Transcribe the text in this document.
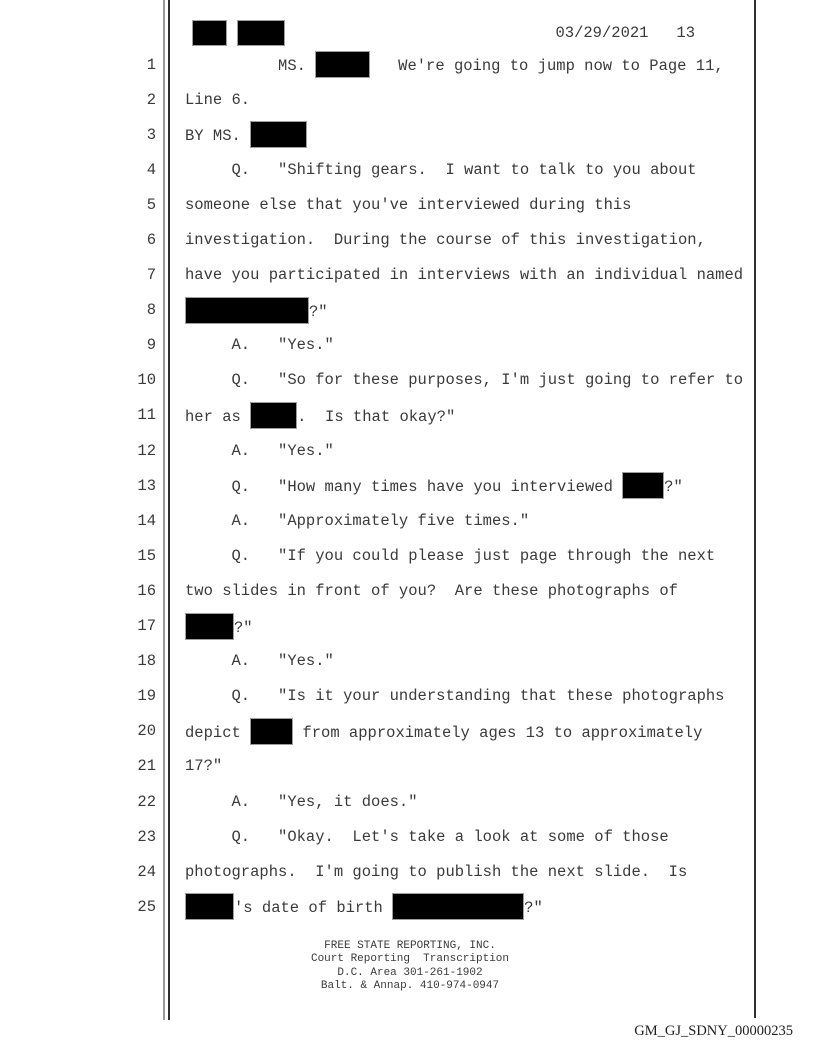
03/29/2021   13
1 MS.	We're going to jump now to Page 11,
2 Line 6.
3 BY MS.
4 Q.   "Shifting gears.  I want to talk to you about
5 someone else that you've interviewed during this
6 investigation.  During the course of this investigation,
7 have you participated in interviews with an individual named
8	?"
9 A.   "Yes."
10 Q.   "So for these purposes, I'm just going to refer to
11 her as	.  Is that okay?"
12 A.   "Yes."
13 Q.   "How many times have you interviewed	?"
14 A.   "Approximately five times."
15 Q.   "If you could please just page through the next
16 two slides in front of you?  Are these photographs of
17	?"
18 A.   "Yes."
19 Q.   "Is it your understanding that these photographs
20 depict	from approximately ages 13 to approximately
21 17?"
22 A.   "Yes, it does."
23 Q.   "Okay.  Let's take a look at some of those
24 photographs.  I'm going to publish the next slide.  Is
25	's date of birth	?"
FREE STATE REPORTING, INC.
Court Reporting  Transcription
D.C. Area 301-261-1902
Balt. & Annap. 410-974-0947
GM_GJ_SDNY_00000235
